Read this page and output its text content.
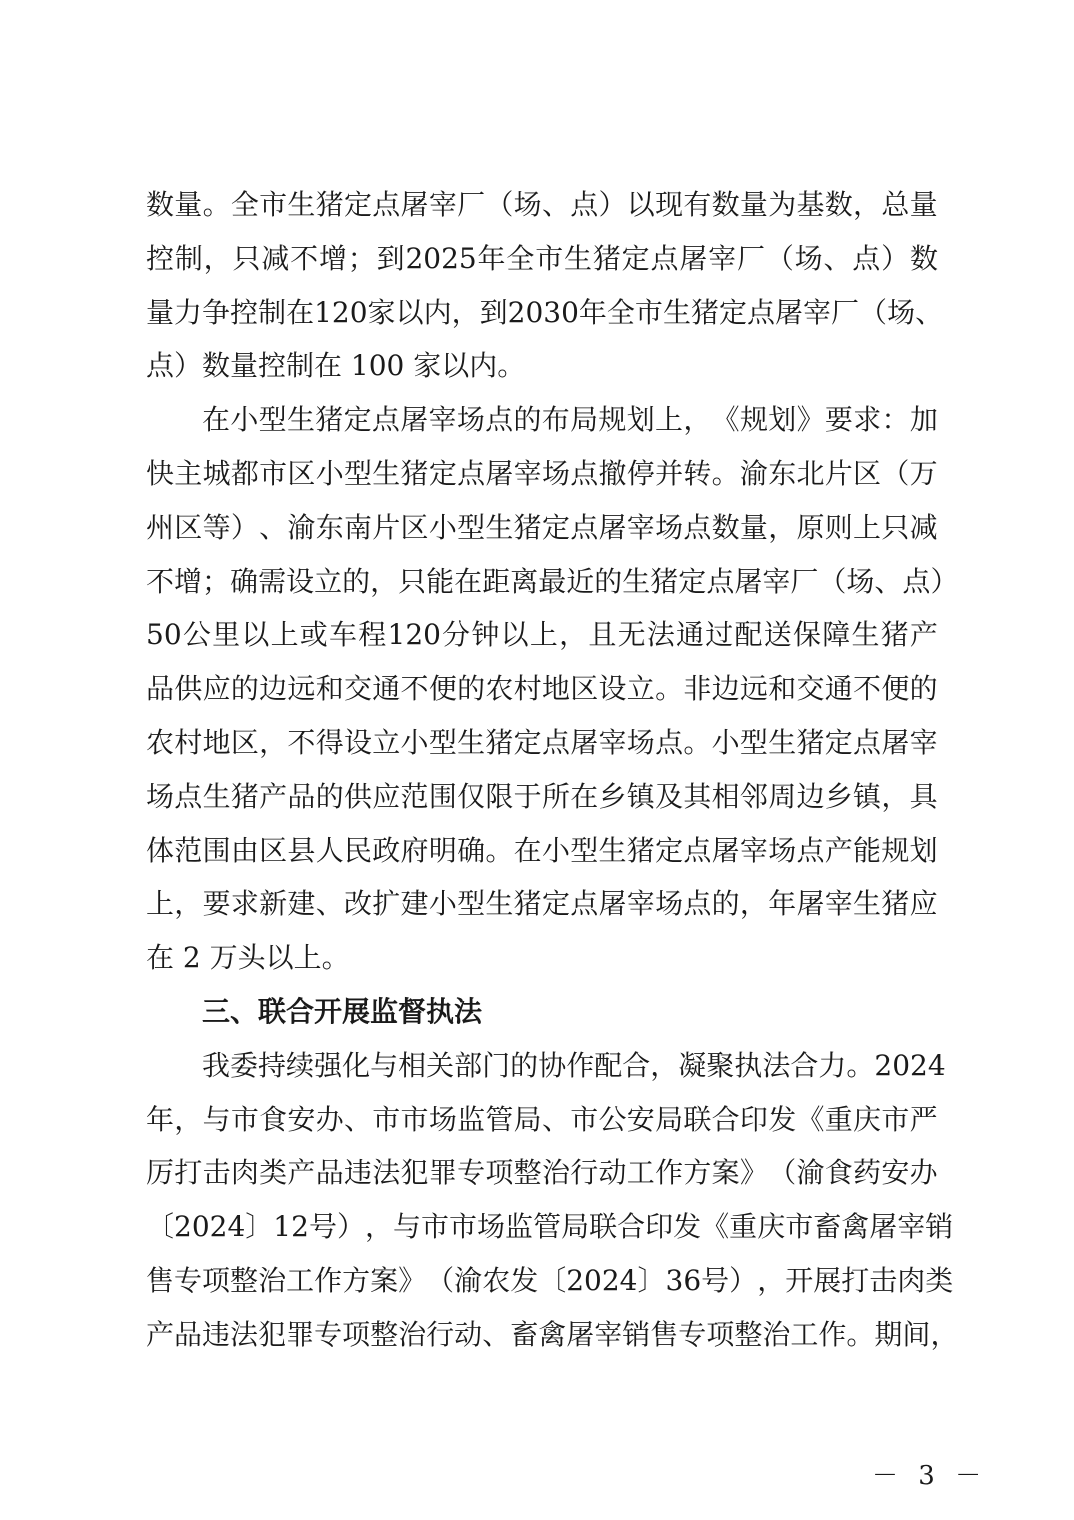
数 量 。 全 市 生 猪 定 点 屠 宰 厂 （ 场 、 点 ） 以 现 有 数 量 为 基 数 ， 总 量
控 制 ， 只 减 不 增 ； 到 2025 年 全 市 生 猪 定 点 屠 宰 厂 （ 场 、 点 ） 数
量 力 争 控 制 在 120 家 以 内 ， 到 2030 年 全 市 生 猪 定 点 屠 宰 厂 （ 场 、
点）数量控制在 100 家以内。
在 小 型 生 猪 定 点 屠 宰 场 点 的 布 局 规 划 上 ， 《 规 划 》 要 求 ： 加
快 主 城 都 市 区 小 型 生 猪 定 点 屠 宰 场 点 撤 停 并 转 。 渝 东 北 片 区 （ 万
州 区 等 ） 、 渝 东 南 片 区 小 型 生 猪 定 点 屠 宰 场 点 数 量 ， 原 则 上 只 减
不 增 ； 确 需 设 立 的 ， 只 能 在 距 离 最 近 的 生 猪 定 点 屠 宰 厂 （ 场 、 点 ）
50 公 里 以 上 或 车 程 120 分 钟 以 上 ， 且 无 法 通 过 配 送 保 障 生 猪 产
品 供 应 的 边 远 和 交 通 不 便 的 农 村 地 区 设 立 。 非 边 远 和 交 通 不 便 的
农 村 地 区 ， 不 得 设 立 小 型 生 猪 定 点 屠 宰 场 点 。 小 型 生 猪 定 点 屠 宰
场 点 生 猪 产 品 的 供 应 范 围 仅 限 于 所 在 乡 镇 及 其 相 邻 周 边 乡 镇 ， 具
体 范 围 由 区 县 人 民 政 府 明 确 。 在 小 型 生 猪 定 点 屠 宰 场 点 产 能 规 划
上 ， 要 求 新 建 、 改 扩 建 小 型 生 猪 定 点 屠 宰 场 点 的 ， 年 屠 宰 生 猪 应
在 2 万头以上。
三、联合开展监督执法
我 委 持 续 强 化 与 相 关 部 门 的 协 作 配 合 ， 凝 聚 执 法 合 力 。 2024
年 ， 与 市 食 安 办 、 市 市 场 监 管 局 、 市 公 安 局 联 合 印 发 《 重 庆 市 严
厉 打 击 肉 类 产 品 违 法 犯 罪 专 项 整 治 行 动 工 作 方 案 》 （ 渝 食 药 安 办
〔 2024 〕 12 号 ） ， 与 市 市 场 监 管 局 联 合 印 发 《 重 庆 市 畜 禽 屠 宰 销
售 专 项 整 治 工 作 方 案 》 （ 渝 农 发 〔 2024 〕 36 号 ） ， 开 展 打 击 肉 类
产 品 违 法 犯 罪 专 项 整 治 行 动 、 畜 禽 屠 宰 销 售 专 项 整 治 工 作 。 期 间 ，
－ 3 －
